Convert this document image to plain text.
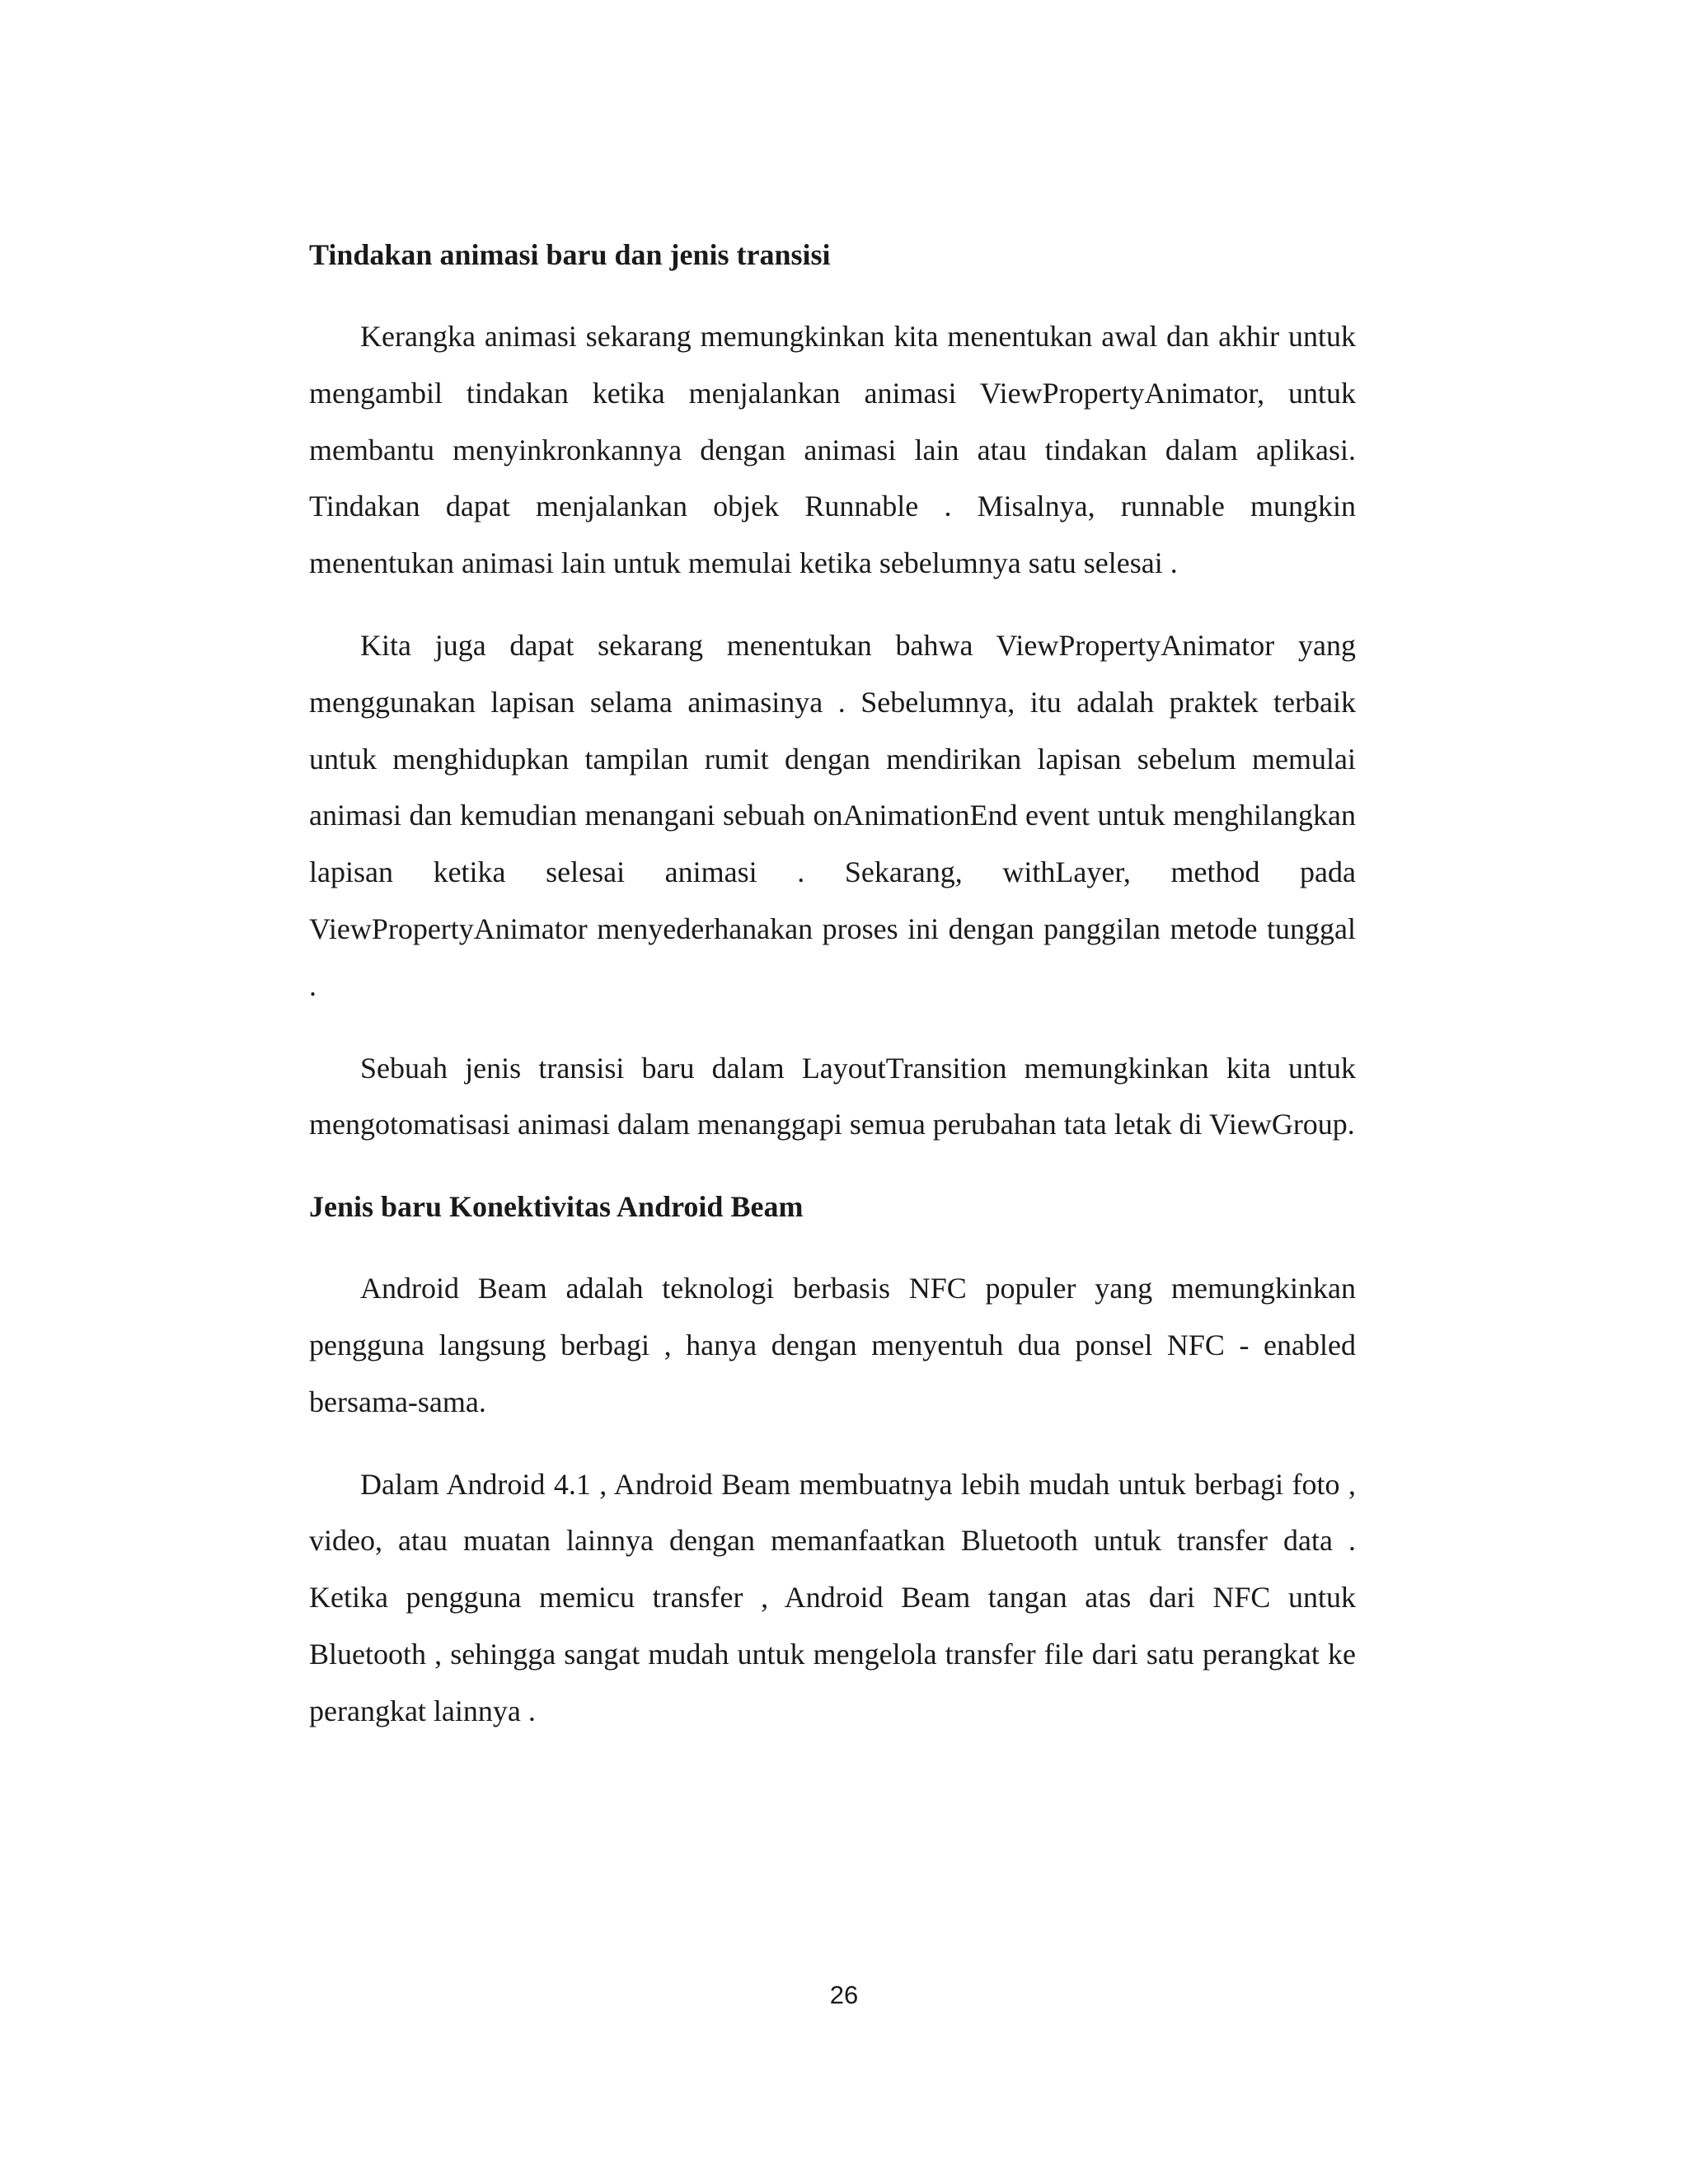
Tindakan animasi baru dan jenis transisi

Kerangka animasi sekarang memungkinkan kita menentukan awal dan akhir untuk mengambil tindakan ketika menjalankan animasi ViewPropertyAnimator, untuk membantu menyinkronkannya dengan animasi lain atau tindakan dalam aplikasi. Tindakan dapat menjalankan objek Runnable . Misalnya, runnable mungkin menentukan animasi lain untuk memulai ketika sebelumnya satu selesai .

Kita juga dapat sekarang menentukan bahwa ViewPropertyAnimator yang menggunakan lapisan selama animasinya . Sebelumnya, itu adalah praktek terbaik untuk menghidupkan tampilan rumit dengan mendirikan lapisan sebelum memulai animasi dan kemudian menangani sebuah onAnimationEnd event untuk menghilangkan lapisan ketika selesai animasi . Sekarang, withLayer, method pada ViewPropertyAnimator menyederhanakan proses ini dengan panggilan metode tunggal .

Sebuah jenis transisi baru dalam LayoutTransition memungkinkan kita untuk mengotomatisasi animasi dalam menanggapi semua perubahan tata letak di ViewGroup.

Jenis baru Konektivitas Android Beam

Android Beam adalah teknologi berbasis NFC populer yang memungkinkan pengguna langsung berbagi , hanya dengan menyentuh dua ponsel NFC - enabled bersama-sama.

Dalam Android 4.1 , Android Beam membuatnya lebih mudah untuk berbagi foto , video, atau muatan lainnya dengan memanfaatkan Bluetooth untuk transfer data . Ketika pengguna memicu transfer , Android Beam tangan atas dari NFC untuk Bluetooth , sehingga sangat mudah untuk mengelola transfer file dari satu perangkat ke perangkat lainnya .

26
